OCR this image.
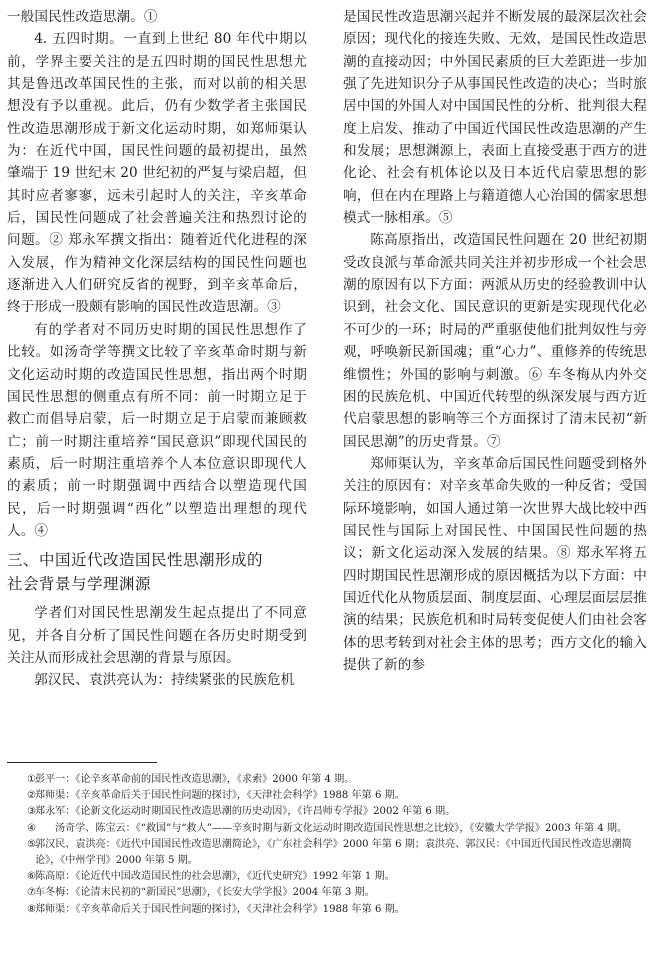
一般国民性改造思潮。①

4. 五四时期。一直到上世纪 80 年代中期以前，学界主要关注的是五四时期的国民性思想尤其是鲁迅改革国民性的主张，而对以前的相关思想没有予以重视。此后，仍有少数学者主张国民性改造思潮形成于新文化运动时期，如郑师渠认为：在近代中国，国民性问题的最初提出，虽然肇端于 19 世纪末 20 世纪初的严复与梁启超，但其时应者寥寥，远未引起时人的关注，辛亥革命后，国民性问题成了社会普遍关注和热烈讨论的问题。② 郑永军撰文指出：随着近代化进程的深入发展，作为精神文化深层结构的国民性问题也逐渐进入人们研究反省的视野，到辛亥革命后，终于形成一股颇有影响的国民性改造思潮。③

有的学者对不同历史时期的国民性思想作了比较。如汤奇学等撰文比较了辛亥革命时期与新文化运动时期的改造国民性思想，指出两个时期国民性思想的侧重点有所不同：前一时期立足于救亡而倡导启蒙，后一时期立足于启蒙而兼顾救亡；前一时期注重培养“国民意识”即现代国民的素质，后一时期注重培养个人本位意识即现代人的素质；前一时期强调中西结合以塑造现代国民，后一时期强调“西化”以塑造出理想的现代人。④

三、中国近代改造国民性思潮形成的
社会背景与学理渊源

学者们对国民性思潮发生起点提出了不同意见，并各自分析了国民性问题在各历史时期受到关注从而形成社会思潮的背景与原因。

郭汉民、袁洪亮认为：持续紧张的民族危机

是国民性改造思潮兴起并不断发展的最深层次社会原因；现代化的接连失败、无效，是国民性改造思潮的直接动因；中外国民素质的巨大差距进一步加强了先进知识分子从事国民性改造的决心；当时旅居中国的外国人对中国国民性的分析、批判很大程度上启发、推动了中国近代国民性改造思潮的产生和发展；思想渊源上，表面上直接受惠于西方的进化论、社会有机体论以及日本近代启蒙思想的影响，但在内在理路上与籍道德人心治国的儒家思想模式一脉相承。⑤

陈高原指出，改造国民性问题在 20 世纪初期受改良派与革命派共同关注并初步形成一个社会思潮的原因有以下方面：两派从历史的经验教训中认识到，社会文化、国民意识的更新是实现现代化必不可少的一环；时局的严重驱使他们批判奴性与旁观，呼唤新民新国魂；重“心力”、重修养的传统思维惯性；外国的影响与刺激。⑥ 车冬梅从内外交困的民族危机、中国近代转型的纵深发展与西方近代启蒙思想的影响等三个方面探讨了清末民初“新国民思潮”的历史背景。⑦

郑师渠认为，辛亥革命后国民性问题受到格外关注的原因有：对辛亥革命失败的一种反省；受国际环境影响，如国人通过第一次世界大战比较中西国民性与国际上对国民性、中国国民性问题的热议；新文化运动深入发展的结果。⑧ 郑永军将五四时期国民性思潮形成的原因概括为以下方面：中国近代化从物质层面、制度层面、心理层面层层推演的结果；民族危机和时局转变促使人们由社会客体的思考转到对社会主体的思考；西方文化的输入提供了新的参

①彭平一：《论辛亥革命前的国民性改造思潮》，《求索》2000 年第 4 期。

②郑师渠：《辛亥革命后关于国民性问题的探讨》，《天津社会科学》1988 年第 6 期。

③郑永军：《论新文化运动时期国民性改造思潮的历史动因》，《许昌师专学报》2002 年第 6 期。

④ 汤奇学、陈宝云：《“救国”与“救人”——辛亥时期与新文化运动时期改造国民性思想之比较》，《安徽大学学报》2003 年第 4 期。

⑤郭汉民、袁洪亮：《近代中国国民性改造思潮简论》，《广东社会科学》2000 年第 6 期；袁洪亮、郭汉民：《中国近代国民性改造思潮简论》，《中州学刊》2000 年第 5 期。

⑥陈高原：《论近代中国改造国民性的社会思潮》，《近代史研究》1992 年第 1 期。

⑦车冬梅：《论清末民初的“新国民”思潮》，《长安大学学报》2004 年第 3 期。

⑧郑师渠：《辛亥革命后关于国民性问题的探讨》，《天津社会科学》1988 年第 6 期。
